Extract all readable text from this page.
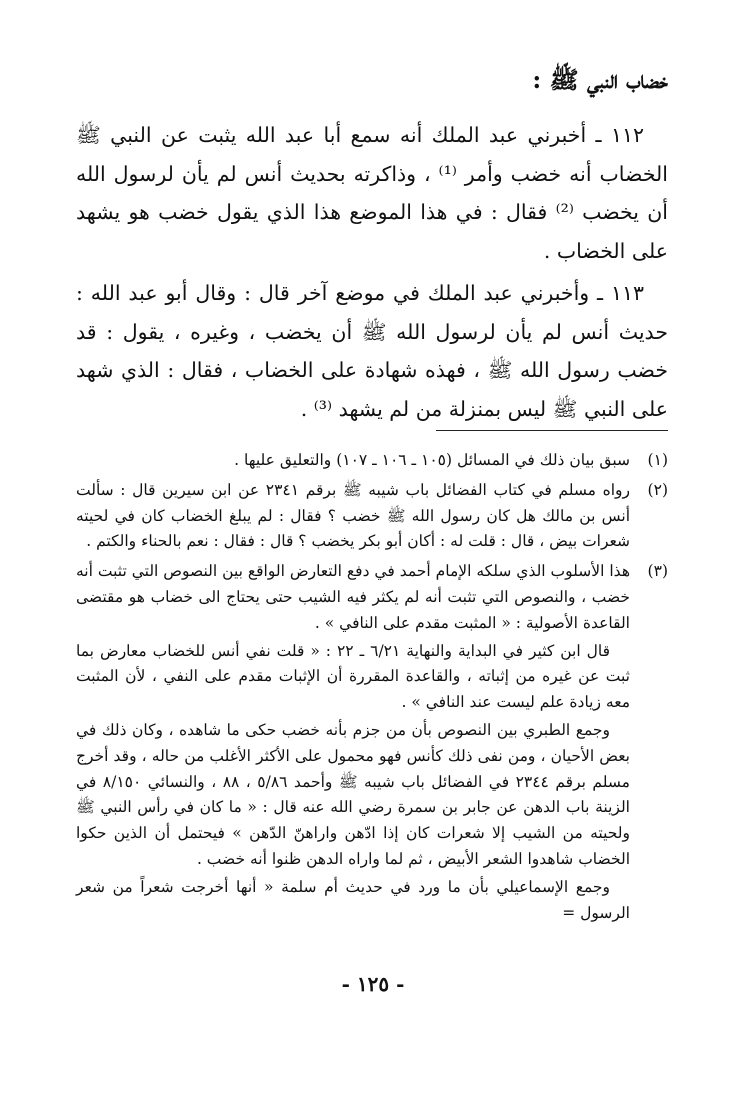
خضاب النبي ﷺ :

١١٢ ـ أخبرني عبد الملك أنه سمع أبا عبد الله يثبت عن النبي ﷺ الخضاب أنه خضب وأمر ⁽¹⁾ ، وذاكرته بحديث أنس لم يأن لرسول الله أن يخضب ⁽²⁾ فقال : في هذا الموضع هذا الذي يقول خضب هو يشهد على الخضاب .

١١٣ ـ وأخبرني عبد الملك في موضع آخر قال : وقال أبو عبد الله : حديث أنس لم يأن لرسول الله ﷺ أن يخضب ، وغيره ، يقول : قد خضب رسول الله ﷺ ، فهذه شهادة على الخضاب ، فقال : الذي شهد على النبي ﷺ ليس بمنزلة من لم يشهد ⁽³⁾ .

(١)

سبق بيان ذلك في المسائل (١٠٥ ـ ١٠٦ ـ ١٠٧) والتعليق عليها .

(٢)

رواه مسلم في كتاب الفضائل باب شيبه ﷺ برقم ٢٣٤١ عن ابن سيرين قال : سألت أنس بن مالك هل كان رسول الله ﷺ خضب ؟ فقال : لم يبلغ الخضاب كان في لحيته شعرات بيض ، قال : قلت له : أكان أبو بكر يخضب ؟ قال : فقال : نعم بالحناء والكتم .

(٣)

هذا الأسلوب الذي سلكه الإمام أحمد في دفع التعارض الواقع بين النصوص التي تثبت أنه خضب ، والنصوص التي تثبت أنه لم يكثر فيه الشيب حتى يحتاج الى خضاب هو مقتضى القاعدة الأصولية : « المثبت مقدم على النافي » .

قال ابن كثير في البداية والنهاية ٦/٢١ ـ ٢٢ : « قلت نفي أنس للخضاب معارض بما ثبت عن غيره من إثباته ، والقاعدة المقررة أن الإثبات مقدم على النفي ، لأن المثبت معه زيادة علم ليست عند النافي » .

وجمع الطبري بين النصوص بأن من جزم بأنه خضب حكى ما شاهده ، وكان ذلك في بعض الأحيان ، ومن نفى ذلك كأنس فهو محمول على الأكثر الأغلب من حاله ، وقد أخرج مسلم برقم ٢٣٤٤ في الفضائل باب شيبه ﷺ وأحمد ٥/٨٦ ، ٨٨ ، والنسائي ٨/١٥٠ في الزينة باب الدهن عن جابر بن سمرة رضي الله عنه قال : « ما كان في رأس النبي ﷺ ولحيته من الشيب إلا شعرات كان إذا ادّهن واراهنّ الدّهن » فيحتمل أن الذين حكوا الخضاب شاهدوا الشعر الأبيض ، ثم لما واراه الدهن ظنوا أنه خضب .

وجمع الإسماعيلي بأن ما ورد في حديث أم سلمة « أنها أخرجت شعراً من شعر الرسول =

- ١٢٥ -
